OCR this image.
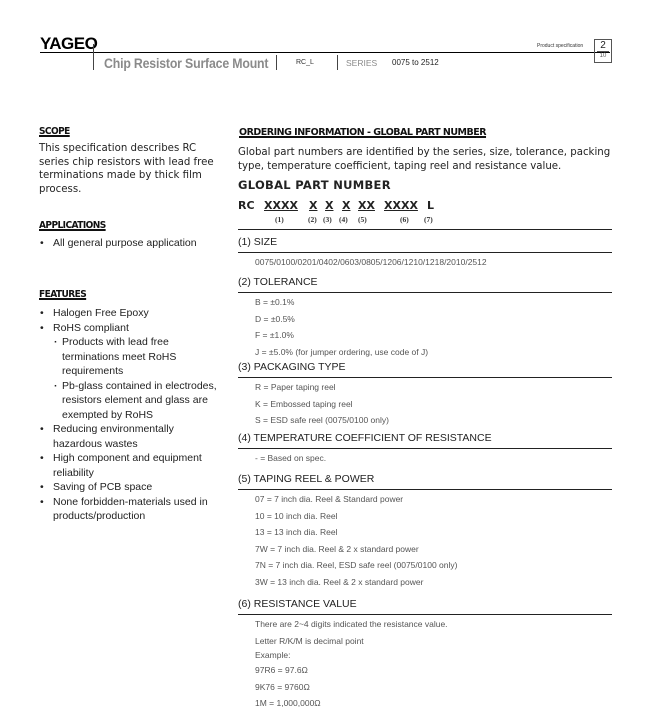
YAGEO
Chip Resistor Surface Mount	RC_L	SERIES 0075 to 2512
Product specification	2
10
SCOPE
This specification describes RC series chip resistors with lead free terminations made by thick film process.
APPLICATIONS
• All general purpose application
FEATURES
• Halogen Free Epoxy
• RoHS compliant
· Products with lead free terminations meet RoHS requirements
· Pb-glass contained in electrodes, resistors element and glass are exempted by RoHS
• Reducing environmentally hazardous wastes
• High component and equipment reliability
• Saving of PCB space
• None forbidden-materials used in products/production
ORDERING INFORMATION - GLOBAL PART NUMBER
Global part numbers are identified by the series, size, tolerance, packing type, temperature coefficient, taping reel and resistance value.
GLOBAL PART NUMBER
RC XXXX X X X XX XXXX L
(1)	(2) (3) (4) (5)	(6) (7)
(1) SIZE
0075/0100/0201/0402/0603/0805/1206/1210/1218/2010/2512
(2) TOLERANCE
B = ±0.1%
D = ±0.5%
F = ±1.0%
J = ±5.0% (for jumper ordering, use code of J)
(3) PACKAGING TYPE
R = Paper taping reel
K = Embossed taping reel
S = ESD safe reel (0075/0100 only)
(4) TEMPERATURE COEFFICIENT OF RESISTANCE
- = Based on spec.
(5) TAPING REEL & POWER
07 = 7 inch dia. Reel & Standard power
10 = 10 inch dia. Reel
13 = 13 inch dia. Reel
7W = 7 inch dia. Reel & 2 x standard power
7N = 7 inch dia. Reel, ESD safe reel (0075/0100 only)
3W = 13 inch dia. Reel & 2 x standard power
(6) RESISTANCE VALUE
There are 2~4 digits indicated the resistance value.
Letter R/K/M is decimal point
Example:
97R6 = 97.6Ω
9K76 = 9760Ω
1M = 1,000,000Ω
